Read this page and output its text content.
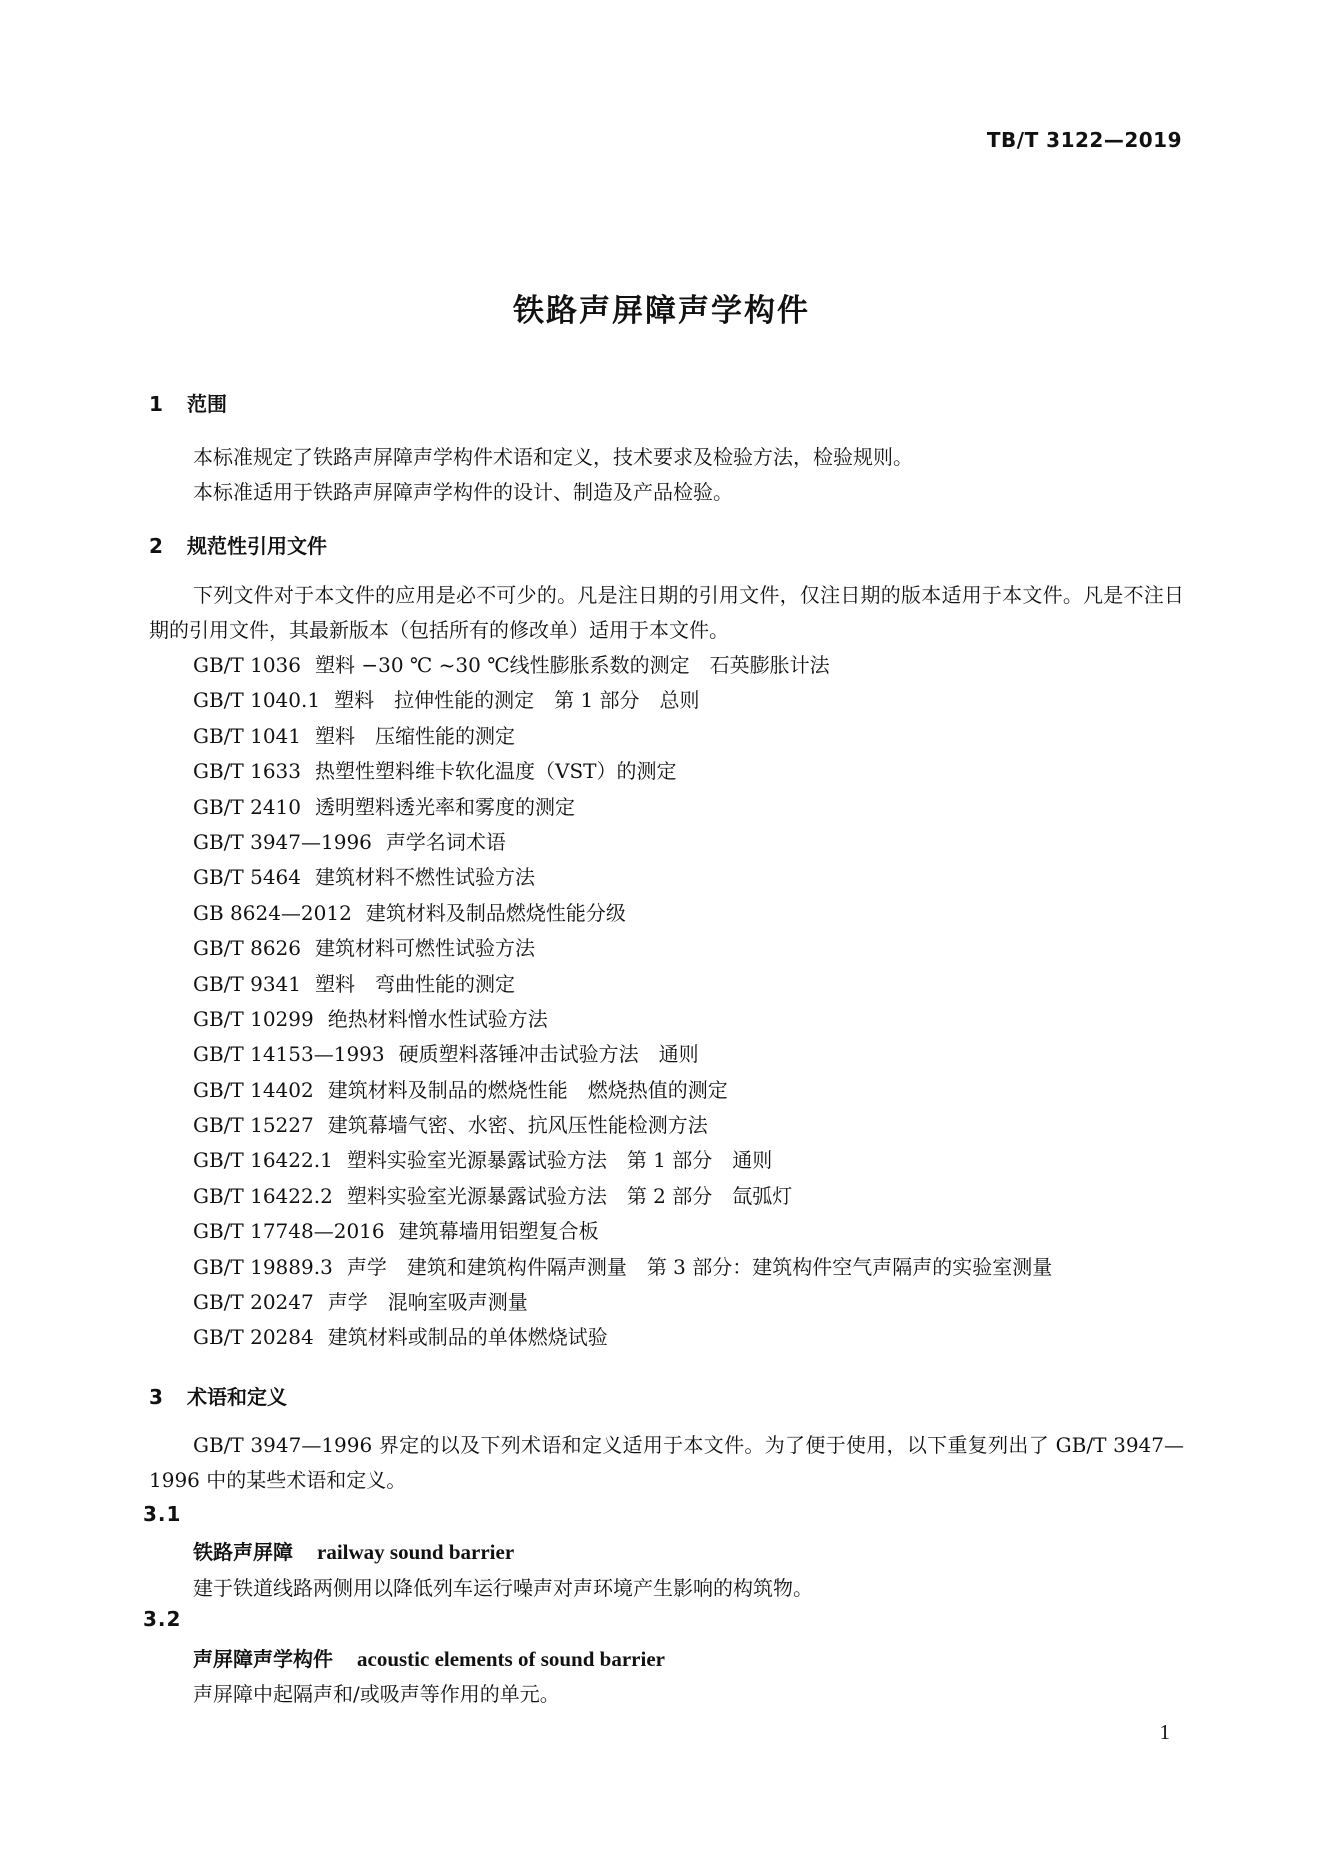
TB/T 3122—2019
铁路声屏障声学构件
1 范围
本标准规定了铁路声屏障声学构件术语和定义，技术要求及检验方法，检验规则。
本标准适用于铁路声屏障声学构件的设计、制造及产品检验。
2 规范性引用文件
下列文件对于本文件的应用是必不可少的。凡是注日期的引用文件，仅注日期的版本适用于本文件。凡是不注日期的引用文件，其最新版本（包括所有的修改单）适用于本文件。
GB/T 1036 塑料 −30 ℃ ~30 ℃线性膨胀系数的测定　石英膨胀计法
GB/T 1040.1 塑料　拉伸性能的测定　第 1 部分　总则
GB/T 1041 塑料　压缩性能的测定
GB/T 1633 热塑性塑料维卡软化温度（VST）的测定
GB/T 2410 透明塑料透光率和雾度的测定
GB/T 3947—1996 声学名词术语
GB/T 5464 建筑材料不燃性试验方法
GB 8624—2012 建筑材料及制品燃烧性能分级
GB/T 8626 建筑材料可燃性试验方法
GB/T 9341 塑料　弯曲性能的测定
GB/T 10299 绝热材料憎水性试验方法
GB/T 14153—1993 硬质塑料落锤冲击试验方法　通则
GB/T 14402 建筑材料及制品的燃烧性能　燃烧热值的测定
GB/T 15227 建筑幕墙气密、水密、抗风压性能检测方法
GB/T 16422.1 塑料实验室光源暴露试验方法　第 1 部分　通则
GB/T 16422.2 塑料实验室光源暴露试验方法　第 2 部分　氙弧灯
GB/T 17748—2016 建筑幕墙用铝塑复合板
GB/T 19889.3 声学　建筑和建筑构件隔声测量　第 3 部分：建筑构件空气声隔声的实验室测量
GB/T 20247 声学　混响室吸声测量
GB/T 20284 建筑材料或制品的单体燃烧试验
3 术语和定义
GB/T 3947—1996 界定的以及下列术语和定义适用于本文件。为了便于使用，以下重复列出了 GB/T 3947—1996 中的某些术语和定义。
3.1
铁路声屏障 railway sound barrier
建于铁道线路两侧用以降低列车运行噪声对声环境产生影响的构筑物。
3.2
声屏障声学构件 acoustic elements of sound barrier
声屏障中起隔声和/或吸声等作用的单元。
1
